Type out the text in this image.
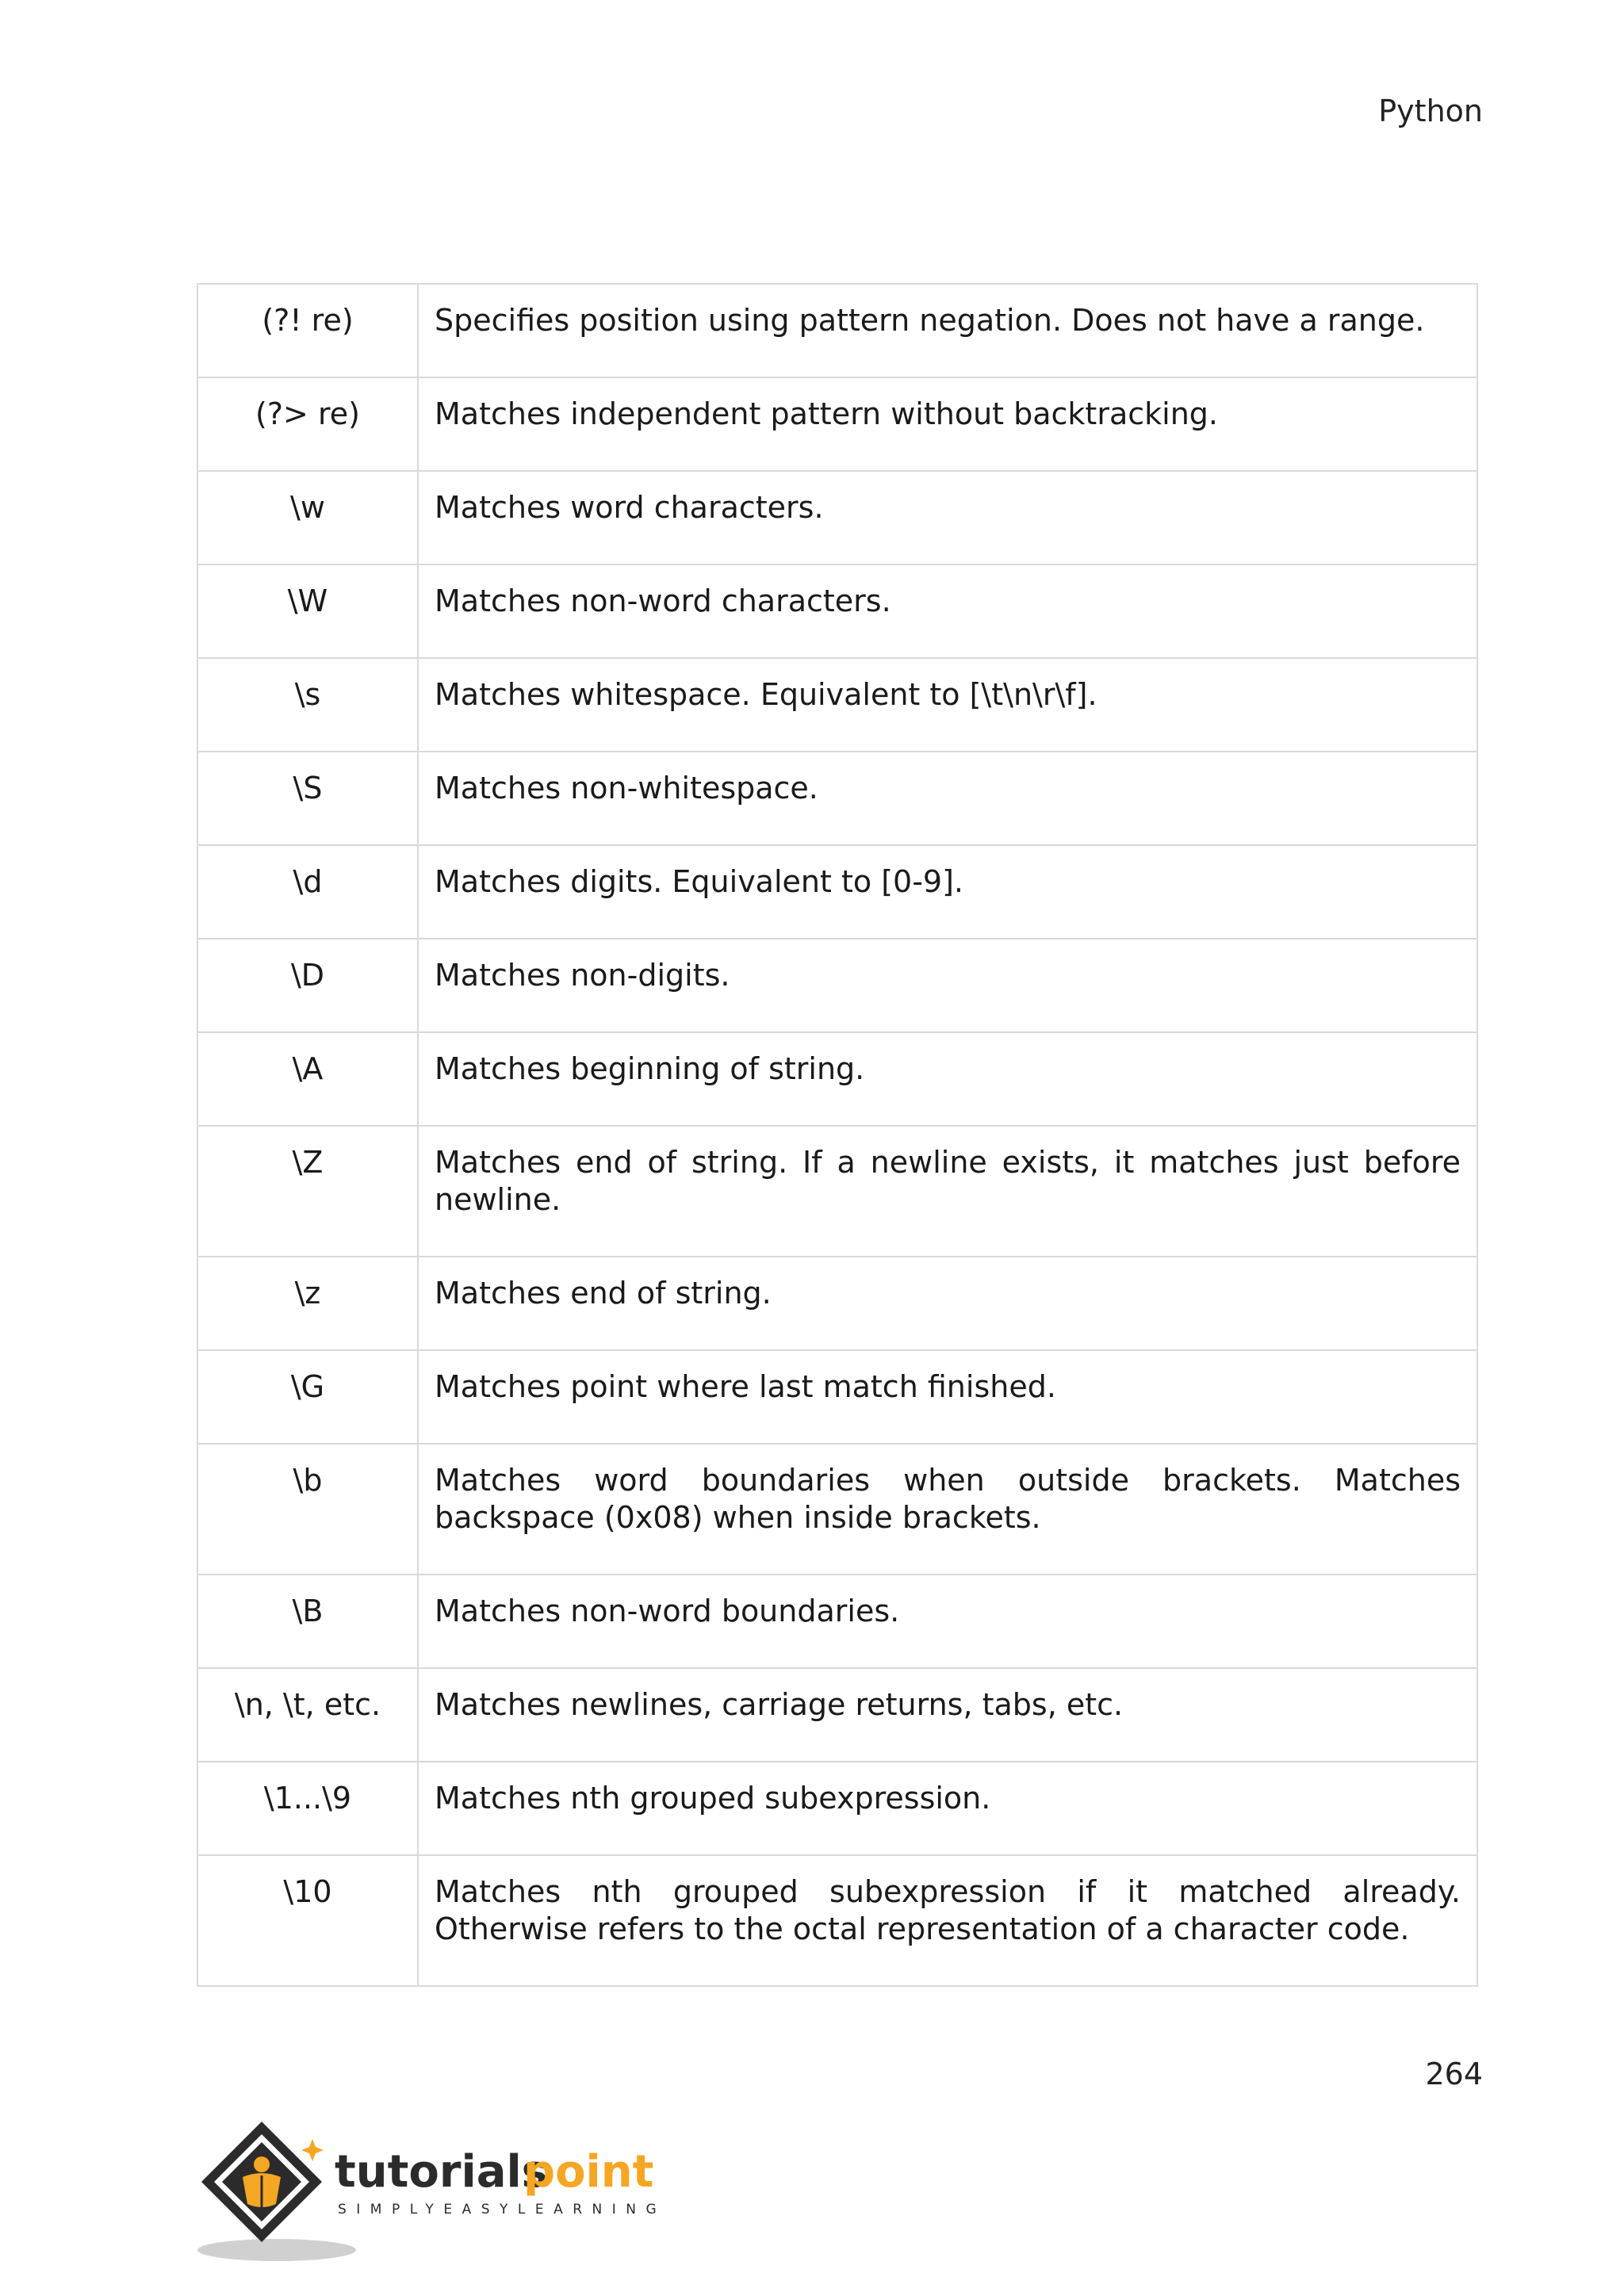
Python
(?! re)	Specifies position using pattern negation. Does not have a range.
(?> re)	Matches independent pattern without backtracking.
\w	Matches word characters.
\W	Matches non-word characters.
\s	Matches whitespace. Equivalent to [\t\n\r\f].
\S	Matches non-whitespace.
\d	Matches digits. Equivalent to [0-9].
\D	Matches non-digits.
\A	Matches beginning of string.
\Z	Matches end of string. If a newline exists, it matches just before newline.
\z	Matches end of string.
\G	Matches point where last match finished.
\b	Matches word boundaries when outside brackets. Matches backspace (0x08) when inside brackets.
\B	Matches non-word boundaries.
\n, \t, etc.	Matches newlines, carriage returns, tabs, etc.
\1...\9	Matches nth grouped subexpression.
\10	Matches nth grouped subexpression if it matched already. Otherwise refers to the octal representation of a character code.
264
tutorials
point
SIMPLYEASYLEARNING
